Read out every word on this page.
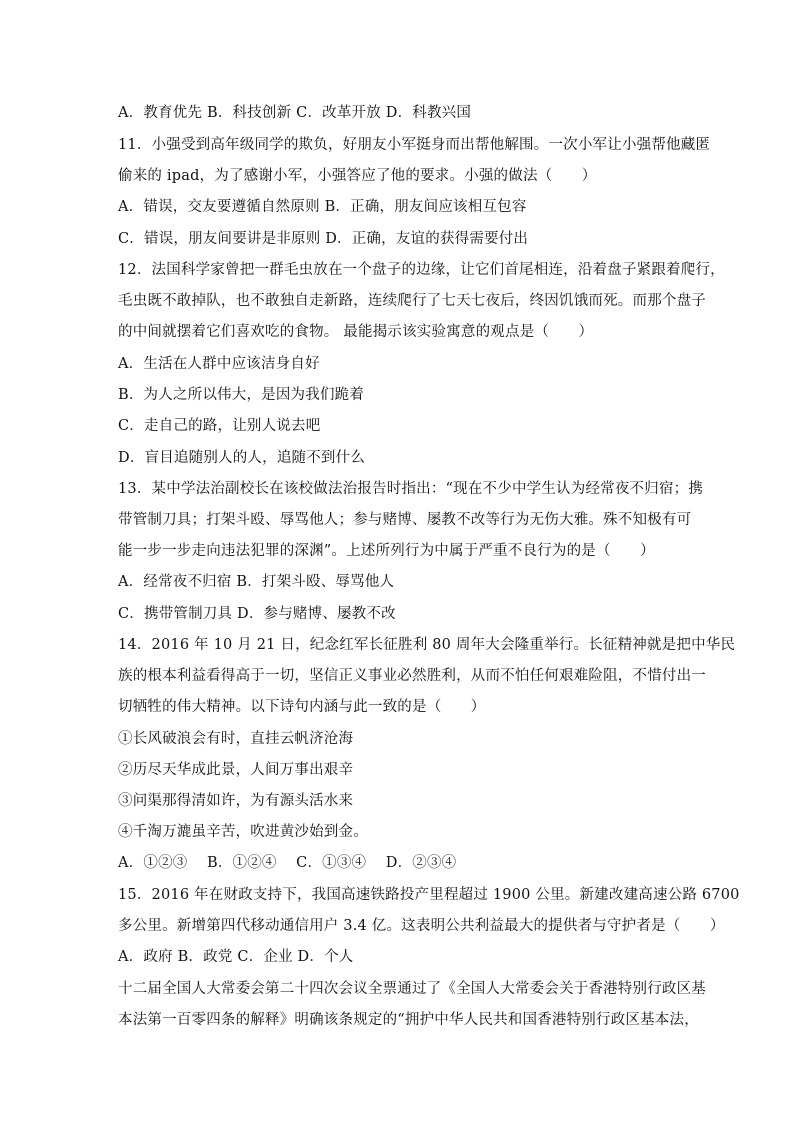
A．教育优先 B．科技创新 C．改革开放 D．科教兴国
11．小强受到高年级同学的欺负，好朋友小军挺身而出帮他解围。一次小军让小强帮他藏匿
偷来的 ipad，为了感谢小军，小强答应了他的要求。小强的做法（　　）
A．错误，交友要遵循自然原则 B．正确，朋友间应该相互包容
C．错误，朋友间要讲是非原则 D．正确，友谊的获得需要付出
12．法国科学家曾把一群毛虫放在一个盘子的边缘，让它们首尾相连，沿着盘子紧跟着爬行，
毛虫既不敢掉队，也不敢独自走新路，连续爬行了七天七夜后，终因饥饿而死。而那个盘子
的中间就摆着它们喜欢吃的食物。 最能揭示该实验寓意的观点是（　　）
A．生活在人群中应该洁身自好
B．为人之所以伟大，是因为我们跪着
C．走自己的路，让别人说去吧
D．盲目追随别人的人，追随不到什么
13．某中学法治副校长在该校做法治报告时指出：“现在不少中学生认为经常夜不归宿；携
带管制刀具；打架斗殴、辱骂他人；参与赌博、屡教不改等行为无伤大雅。殊不知极有可
能一步一步走向违法犯罪的深渊”。上述所列行为中属于严重不良行为的是（　　）
A．经常夜不归宿 B．打架斗殴、辱骂他人
C．携带管制刀具 D．参与赌博、屡教不改
14．2016 年 10 月 21 日，纪念红军长征胜利 80 周年大会隆重举行。长征精神就是把中华民
族的根本利益看得高于一切，坚信正义事业必然胜利，从而不怕任何艰难险阻，不惜付出一
切牺牲的伟大精神。以下诗句内涵与此一致的是（　　）
①长风破浪会有时，直挂云帆济沧海
②历尽天华成此景，人间万事出艰辛
③问渠那得清如许，为有源头活水来
④千淘万漉虽辛苦，吹进黄沙始到金。
A．①②③　 B．①②④　 C．①③④　 D．②③④
15．2016 年在财政支持下，我国高速铁路投产里程超过 1900 公里。新建改建高速公路 6700
多公里。新增第四代移动通信用户 3.4 亿。这表明公共利益最大的提供者与守护者是（　　）
A．政府 B．政党 C．企业 D．个人
十二届全国人大常委会第二十四次会议全票通过了《全国人大常委会关于香港特别行政区基
本法第一百零四条的解释》明确该条规定的“拥护中华人民共和国香港特别行政区基本法，
